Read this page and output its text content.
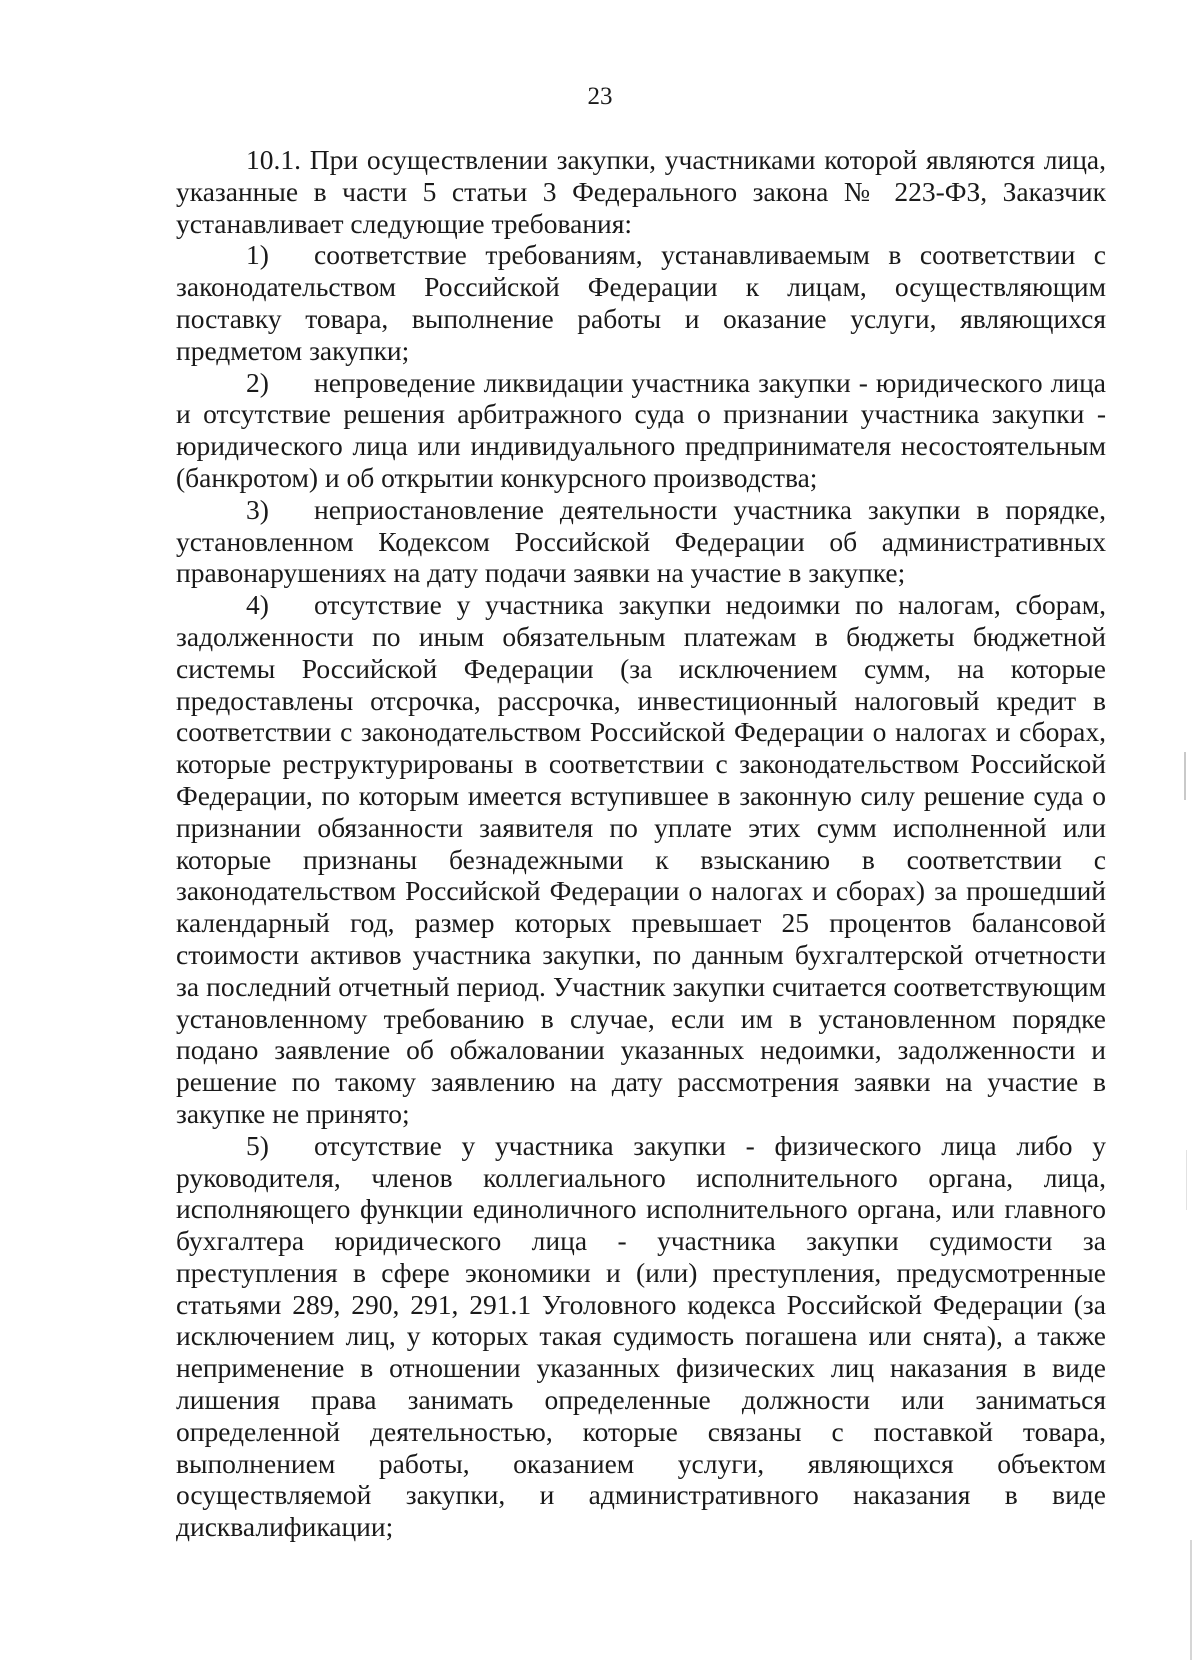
23

10.1. При осуществлении закупки, участниками которой являются лица, указанные в части 5 статьи 3 Федерального закона № 223-ФЗ, Заказчик устанавливает следующие требования:

1) соответствие требованиям, устанавливаемым в соответствии с законодательством Российской Федерации к лицам, осуществляющим поставку товара, выполнение работы и оказание услуги, являющихся предметом закупки;

2) непроведение ликвидации участника закупки - юридического лица и отсутствие решения арбитражного суда о признании участника закупки - юридического лица или индивидуального предпринимателя несостоятельным (банкротом) и об открытии конкурсного производства;

3) неприостановление деятельности участника закупки в порядке, установленном Кодексом Российской Федерации об административных правонарушениях на дату подачи заявки на участие в закупке;

4) отсутствие у участника закупки недоимки по налогам, сборам, задолженности по иным обязательным платежам в бюджеты бюджетной системы Российской Федерации (за исключением сумм, на которые предоставлены отсрочка, рассрочка, инвестиционный налоговый кредит в соответствии с законодательством Российской Федерации о налогах и сборах, которые реструктурированы в соответствии с законодательством Российской Федерации, по которым имеется вступившее в законную силу решение суда о признании обязанности заявителя по уплате этих сумм исполненной или которые признаны безнадежными к взысканию в соответствии с законодательством Российской Федерации о налогах и сборах) за прошедший календарный год, размер которых превышает 25 процентов балансовой стоимости активов участника закупки, по данным бухгалтерской отчетности за последний отчетный период. Участник закупки считается соответствующим установленному требованию в случае, если им в установленном порядке подано заявление об обжаловании указанных недоимки, задолженности и решение по такому заявлению на дату рассмотрения заявки на участие в закупке не принято;

5) отсутствие у участника закупки - физического лица либо у руководителя, членов коллегиального исполнительного органа, лица, исполняющего функции единоличного исполнительного органа, или главного бухгалтера юридического лица - участника закупки судимости за преступления в сфере экономики и (или) преступления, предусмотренные статьями 289, 290, 291, 291.1 Уголовного кодекса Российской Федерации (за исключением лиц, у которых такая судимость погашена или снята), а также неприменение в отношении указанных физических лиц наказания в виде лишения права занимать определенные должности или заниматься определенной деятельностью, которые связаны с поставкой товара, выполнением работы, оказанием услуги, являющихся объектом осуществляемой закупки, и административного наказания в виде дисквалификации;
